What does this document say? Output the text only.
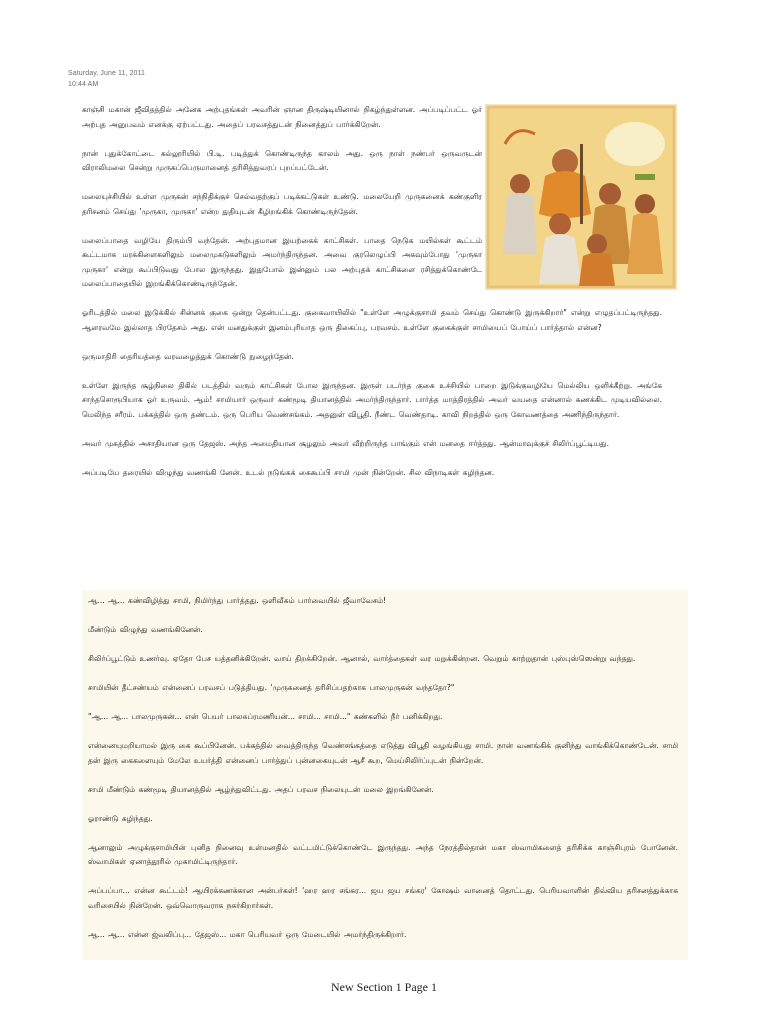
Saturday, June 11, 2011
10:44 AM

காஞ்சி மகான் ஜீவிதத்தில் அனேக அற்புதங்கள் அவரின் ஞான திருஷ்டியினால் நிகழ்ந்துள்ளன. அப்படிப்பட்ட ஓர் அற்புத அனுபவம் எனக்கு ஏற்பட்டது. அதைப் பரவசத்துடன் நினைத்துப் பார்க்கிறேன்.

நான் புதுக்கோட்டை கல்லூரியில் பி.டி. படித்துக் கொண்டிருந்த காலம் அது. ஒரு நாள் நண்பர் ஒருவருடன் விராலிமலை சென்று முருகப்பெருமானைத் தரிசித்துவரப் புறப்பட்டேன்.

மலையுச்சியில் உள்ள முருகன் சந்நிதிக்குச் செல்வதற்குப் படிக்கட்டுகள் உண்டு. மலையேறி முருகனைக் கண்குளிர தரிசனம் செய்து 'முருகா, முருகா' என்ற துதியுடன் கீழிறங்கிக் கொண்டிருந்தேன்.

மலைப்பாதை வழியே திரும்பி வந்தேன். அற்புதமான இயற்கைக் காட்சிகள். பாதை நெடுக மயில்கள் கூட்டம் கூட்டமாக மரக்கிளைகளிலும் மலைமுகடுகளிலும் அமர்ந்திருந்தன. அவை குரலெழுப்பி அகவும்போது 'முருகா முருகா' என்று கூப்பிடுவது போல இருந்தது. இதுபோல் இன்னும் பல அற்புதக் காட்சிகளை ரசித்துக்கொண்டே மலைப்பாதையில் இறங்கிக்கொண்டிருந்தேன்.

ஓரிடத்தில் மலை இடுக்கில் சின்னக் குகை ஒன்று தென்பட்டது. குகைவாயிலில் "உள்ளே அழுக்குசாமி தவம் செய்து கொண்டு இருக்கிறார்" என்று எழுதப்பட்டிருந்தது. ஆளரவமே இல்லாத பிரதேசம் அது. என் மனதுக்குள் இனம்புரியாத ஒரு திகைப்பு, பரவசம். உள்ளே குகைக்குள் சாமியைப் போய்ப் பார்த்தால் என்ன?

ஒருமாதிரி தைரியத்தை வரவழைத்துக் கொண்டு நுழைந்தேன்.

உள்ளே இருந்த சூழ்நிலை திகில் படத்தில் வரும் காட்சிகள் போல இருந்தன. இருள் படர்ந்த குகை உச்சியில் பாறை இடுக்குவழியே மெல்லிய ஒளிக்கீற்று. அங்கே சாந்தசொரூபியாக ஓர் உருவம். ஆம்! சாமியார் ஒருவர் கண்மூடி தியானத்தில் அமர்ந்திருந்தார். பார்த்த மாத்திரத்தில் அவர் வயதை என்னால் கணக்கிட முடியவில்லை. மெலிந்த சரீரம். பக்கத்தில் ஒரு தண்டம். ஒரு பெரிய வெண்சங்கம். அதனுள் விபூதி. நீண்ட வெண்தாடி. காவி நிறத்தில் ஒரு கோவணத்தை அணிந்திருந்தார்.

அவர் முகத்தில் அசாதியான ஒரு தேஜஸ். அந்த அமைதியான சூழலும் அவர் வீற்றிருந்த பாங்கும் என் மனதை ஈர்த்தது. ஆன்மாவுக்குச் சிலிர்ப்பூட்டியது.

அப்படியே தரையில் விழுந்து வணங்கி னேன். உடல் நடுங்கக் கைகூப்பி சாமி முன் நின்றேன். சில விநாடிகள் கழிந்தன.

ஆ... ஆ... கண்விழித்து சாமி, நிமிர்ந்து பார்த்தது. ஒளிவீசும் பார்வையில் ஜீவாவேசம்!

மீண்டும் விழுந்து வணங்கினேன்.

சிலிர்ப்பூட்டும் உணர்வு. ஏதோ பேச யத்தனிக்கிறேன். வாய் திறக்கிறேன். ஆனால், வார்த்தைகள் வர மறுக்கின்றன. வெறும் காற்றுதான் புஸ்புஸ்ஸென்று வந்தது.

சாமியின் தீட்சண்யம் என்னைப் பரவசப் படுத்தியது. 'முருகனைத் தரிசிப்பதற்காக பாலமுருகன் வந்ததோ?"

"ஆ... ஆ... பாலமுருகன்... என் பெயர் பாலசுப்ரமணியன்... சாமி... சாமி..." கண்களில் நீர் பனிக்கிறது.

என்னையுமறியாமல் இரு கை கூப்பினேன். பக்கத்தில் வைத்திருந்த வெண்சங்கத்தை எடுத்து விபூதி வழங்கியது சாமி. நான் வணங்கிக் குனிந்து வாங்கிக்கொண்டேன். சாமி தன் இரு கைகளையும் மேலே உயர்த்தி என்னைப் பார்த்துப் புன்னகையுடன் ஆசீ கூற, மெய்சிலிர்ப்புடன் நின்றேன்.

சாமி மீண்டும் கண்மூடி தியானத்தில் ஆழ்ந்துவிட்டது. அதப் பரவச நிலையுடன் மலை இறங்கினேன்.

ஓராண்டு கழிந்தது.

ஆனாலும் அழுக்குசாமியின் புனித நினைவு உள்மனதில் வட்டமிட்டுக்கொண்டே இருந்தது. அந்த நேரத்தில்தான் மகா ஸ்வாமிகளைத் தரிசிக்க காஞ்சிபுரம் போனேன். ஸ்வாமிகள் ஏனாத்தூரில் முகாமிட்டிருந்தார்.

அப்பப்பா... என்ன கூட்டம்! ஆயிரக்கணக்கான அன்பர்கள்! 'ஹர ஹர சங்கர... ஜய ஜய சங்கர' கோஷம் வானைத் தொட்டது. பெரியவாளின் திவ்விய தரிசனத்துக்காக வரிசையில் நின்றேன். ஒவ்வொருவராக நகர்கிறார்கள்.

ஆ... ஆ... என்ன ஜ்வலிப்பு... தேஜஸ்... மகா பெரியவர் ஒரு மேடையில் அமர்ந்திருக்கிறார்.

New Section 1 Page 1
